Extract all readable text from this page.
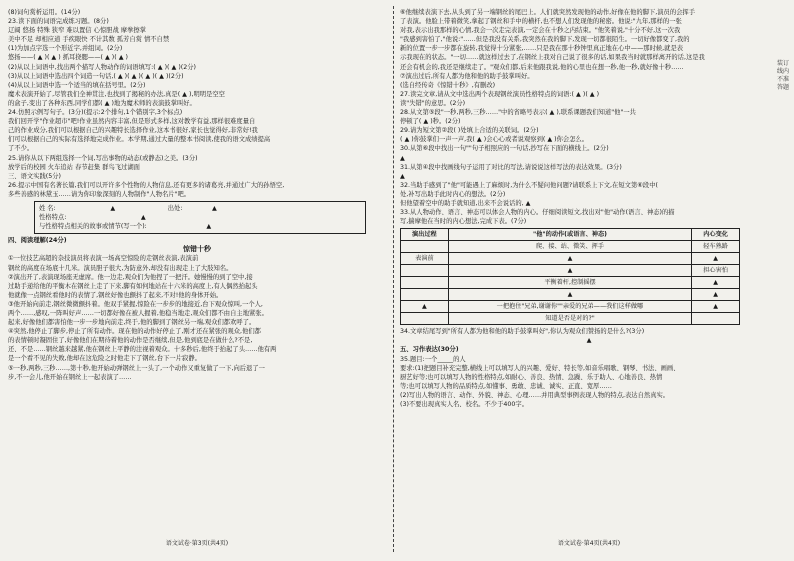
(8)词句赏析运用。(14分)
23.读下面的词语完成练习题。(8分)
辽阔 悠扬 特殊 狭窄 难以置信 心惊胆战 摩拳擦掌
美中不足 却相应道 手疾眼快 不计其数 孤芳自赏 情不自禁
(1)为加点字选一个形近字,并组词。(2分)
悠扬——( ▲ )( ▲ ) 抓耳挠腮——( ▲ )( ▲ )
(2)从以上词语中,找出两个描写人物动作的词语填写:( ▲ )( ▲ )(2分)
(3)从以上词语中选出四个词造一句话,( ▲ )( ▲ )( ▲ )( ▲ )(2分)
(4)从以上词语中选一个适当的填在括号里。(2分)
魔术表演开始了,尽管我们全神贯注,也找到了揭秘的办法,真是( ▲ ),明明是空空
的盒子,变出了各种东西,同学们都( ▲ )地为魔术师的表演鼓掌叫好。
24.仿照示例写句子。(3分)(提示:2个排句,1个错别字,3个标点)
我们回开学"作业超市"吧!作业虽然内容丰富,但是形式多样,这对教学有益,那样很难度量自
己的作业成分,我们可以根据自己的兴趣特长选择作业,这本书很好,家长也觉得好,非常好!我
们可以根据自己的实际有选择地完成作业。本学期,通过大量的整本书阅读,使我的语文成绩提高
了不少。
25.请你从以下两组选择一个词,写出事物的动态(或静态)之美。(3分)
放学后的校园 火车追站 春节赶集 群鸟飞过湖面
三、语文实践(5分)
26.提示中国有名著长篇,我们可以开许多个性物的人物信息,还有更多的诸葛亮,并通过广大的孙悟空,
多些善感的林黛玉……请为你印象深刻的人物制作"人物名片"吧。
姓 名:	▲	出处:	▲
性格特点:	▲
与性格特点相关的故事或情节(写一个):	▲
四、阅读理解(24分)
惊错十秒
①一位技艺高超的杂技演员将表演一场高空惊险的走钢丝表演,表演前
钢丝的高度在场底十几米。演员胆子很大,为防意外,却没有出现走上了大肢知名。
②演出开了,表演现场座无虚席。他一边走,观众们为他捏了一把汗。她慢慢的到了空中,接
过助手递给他的平衡木在钢丝上走了下来,脚有如何地站在十六米的高度上,有人偶然抬起头
他就像一点钢丝看他时的表情了,钢丝好像也颤抖了起来,不对!他的身体开始。
③他开始向前走,钢丝微微颤抖着。他双手紧握,惊险在一步步的地接近,台下观众惊叫,一个人,
两个……,感叹,一阵叫好声……一切都好像在被人握着,他稳当地走,观众们都不由自主地紧张。
起来,好像他们都害怕他一步一步地向前走,终于,他的脚到了钢丝另一端,观众们都欢呼了。
④突然,他停止了脚步,停止了所有动作。现在他的动作好停止了,刚才还在紧张的观众,他们都
的表情顿时凝固住了,好像他们在期待着他的动作是否继续,但是,他到底是在做什么?不是,
还、不是……钢丝越来越紧,他在钢丝上平静的注视着观众。十多秒后,他终于抬起了头……他有两
是一个看不见的失败,他却在这危险之时他走下了钢丝,台下一片寂静。
⑤一秒,两秒,三秒……,第十秒,他开始动弹钢丝上一头了,一个动作又重复做了一下,向后退了一
步,不一会儿,他开始在钢丝上一起表演了……
语文试卷·第3页(共4页)
⑥他继续表演下去,从头到了另一端钢丝的尾巴上。人们就突然发现他的动作,好像在他的脚下,演员的会挥手
了表演。他脸上带着微笑,拿起了钢丝和手中的横杆,也不想人们发现他的秘密。他说:"九年,那样的一张
对我,表示出我那样的心情,我会一次走完表演,一定会在十秒之内结束。"他笑着说,"十分不好,这一次我
"我感到害怕了,"他说:"……但是我没有关系,我突然在我的脚下,发现一切都很陌生。一切好像都变了,我的
新的位置一步一步都在旋转,我觉得十分紧张,……只是我在那十秒钟里真正地在心中——那时候,就是表
示我现在的状态。"一切……就这样过去了,在钢丝上我对自己说了很多的话,如果我当时就那样离开的话,这是我
还会有机会的,我还是继续走了。"观众们都,后来他跟我说,他的心里也在想一秒,他一秒,就好像十秒……
⑦演出过后,所有人都为他和他的助手鼓掌叫好。
(选自经传奇《惊错十秒》,有删改)
27.读完文章,请从文中选出两个表现钢丝演员性格特点的词语:( ▲ )( ▲ )
读"失错"的意思。(2分)
28.从文第⑤段"一秒,两秒,三秒……"中的省略号表示( ▲ ),联系课题我们知道"他"一共
停顿了( ▲ )秒。(2分)
29.请为短文第②段( )处填上合适的关联词。(2分)
( ▲ )你鼓掌们一声一声,我( ▲ )会心心或者说观察到( ▲ )你会怎么。
30.从第⑥段中找出一句""句子相照应的一句话,抄写在下面的横线上。(2分)
▲
31.从第④段中找画线句子运用了对比的写法,请说说这样写法的表达效果。(3分)
▲
32.当助手感到了"他"可能遇上了麻烦时,为什么不疑问他问题?请联系上下文,在短文第⑥段中(
处,补写出助手此时内心的想法。(2分)
但他望着空中的助手就知道,出来不会说话的, ▲
33.从人物动作、语言、神态可以体会人物的内心。仔细阅读短文,找出对"他"动作(语言、神态)的描
写,揣摩他在当时的内心想法,完成下表。(7分)
演出过程	"他"的动作(或语言、神态)	内心变化
	爬、接、站、微笑、挥手	轻车熟路
表演前	▲	▲
	▲	担心害怕
	平衡着杆,控制摇摆	▲
	▲	▲
▲	一把抱住"兄弟,谢谢你""亲爱的兄弟——我们这样做哪	▲
	知道是否是对的?"	
34.文章结尾写到"所有人都为他和他的助手鼓掌叫好",你认为观众们赞扬的是什么?(3分)
▲
五、习作表达(30分)
35.题目:一个_____的人
要求:(1)把题目补充完整,横线上可以填写人的兴趣、爱好、特长等,如音乐唱歌、钢琴、书法、画画、
厨艺好等;也可以填写人物的性格特点,如耐心、善良、热情、急躁、乐于助人、心地善良、热情
等;也可以填写人物的品质特点,如懂事、勇敢、忠诚、诚实、正直、宽厚……
(2)写出人物的语言、动作、外貌、神态、心理……并用典型事例表现人物的特点,表达自然真实。
(3)不要出现真实人名、校名。不少于400字。
语文试卷·第4页(共4页)
装订线内不准答题
